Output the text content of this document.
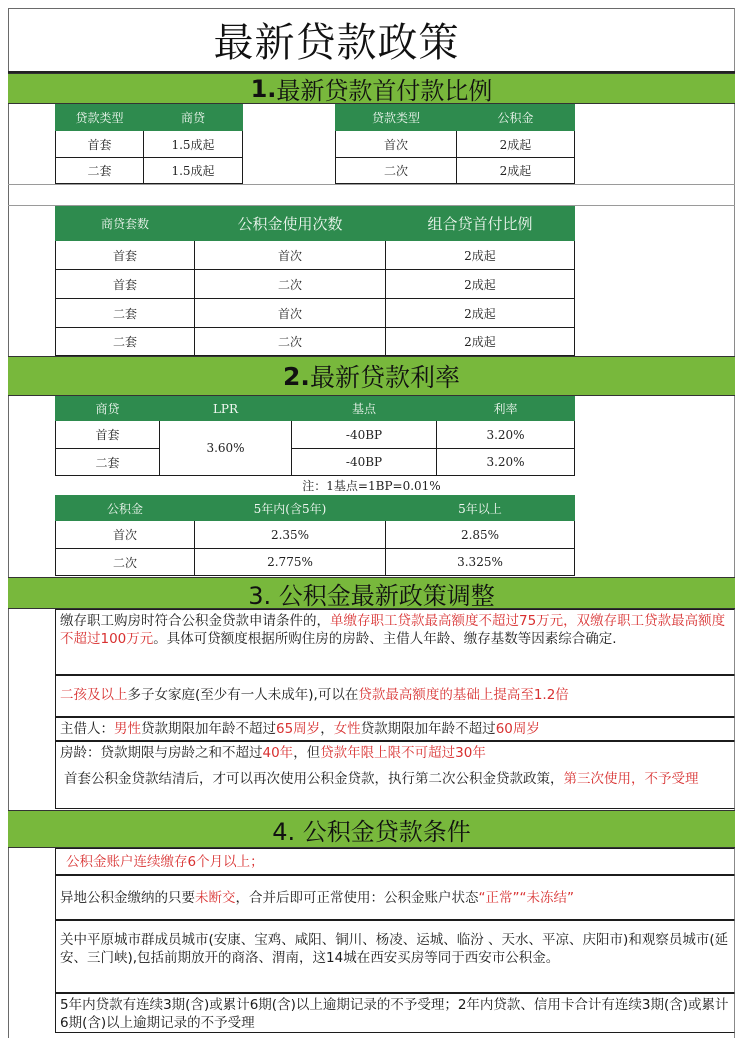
最新贷款政策
1. 最新贷款首付款比例
贷款类型	商贷
首套	1.5成起
二套	1.5成起
贷款类型	公积金
首次	2成起
二次	2成起
商贷套数	公积金使用次数	组合贷首付比例
首套	首次	2成起
首套	二次	2成起
二套	首次	2成起
二套	二次	2成起
2. 最新贷款利率
商贷	LPR	基点	利率
首套	3.60%	-40BP	3.20%
二套		-40BP	3.20%
注：1基点=1BP=0.01%
公积金	5年内(含5年)	5年以上
首次	2.35%	2.85%
二次	2.775%	3.325%
3. 公积金最新政策调整
缴存职工购房时符合公积金贷款申请条件的，单缴存职工贷款最高额度不超过75万元，双缴存职工贷款最高额度不超过100万元。具体可贷额度根据所购住房的房龄、主借人年龄、缴存基数等因素综合确定.
二孩及以上多子女家庭(至少有一人未成年),可以在贷款最高额度的基础上提高至1.2倍
主借人：男性贷款期限加年龄不超过65周岁，女性贷款期限加年龄不超过60周岁
房龄：贷款期限与房龄之和不超过40年，但贷款年限上限不可超过30年
首套公积金贷款结清后，才可以再次使用公积金贷款，执行第二次公积金贷款政策，第三次使用，不予受理
4. 公积金贷款条件
公积金账户连续缴存6个月以上；
异地公积金缴纳的只要未断交，合并后即可正常使用：公积金账户状态“正常”“未冻结”
关中平原城市群成员城市(安康、宝鸡、咸阳、铜川、杨凌、运城、临汾 、天水、平凉、庆阳市)和观察员城市(延安、三门峡),包括前期放开的商洛、渭南，这14城在西安买房等同于西安市公积金。
5年内贷款有连续3期(含)或累计6期(含)以上逾期记录的不予受理；2年内贷款、信用卡合计有连续3期(含)或累计6期(含)以上逾期记录的不予受理
